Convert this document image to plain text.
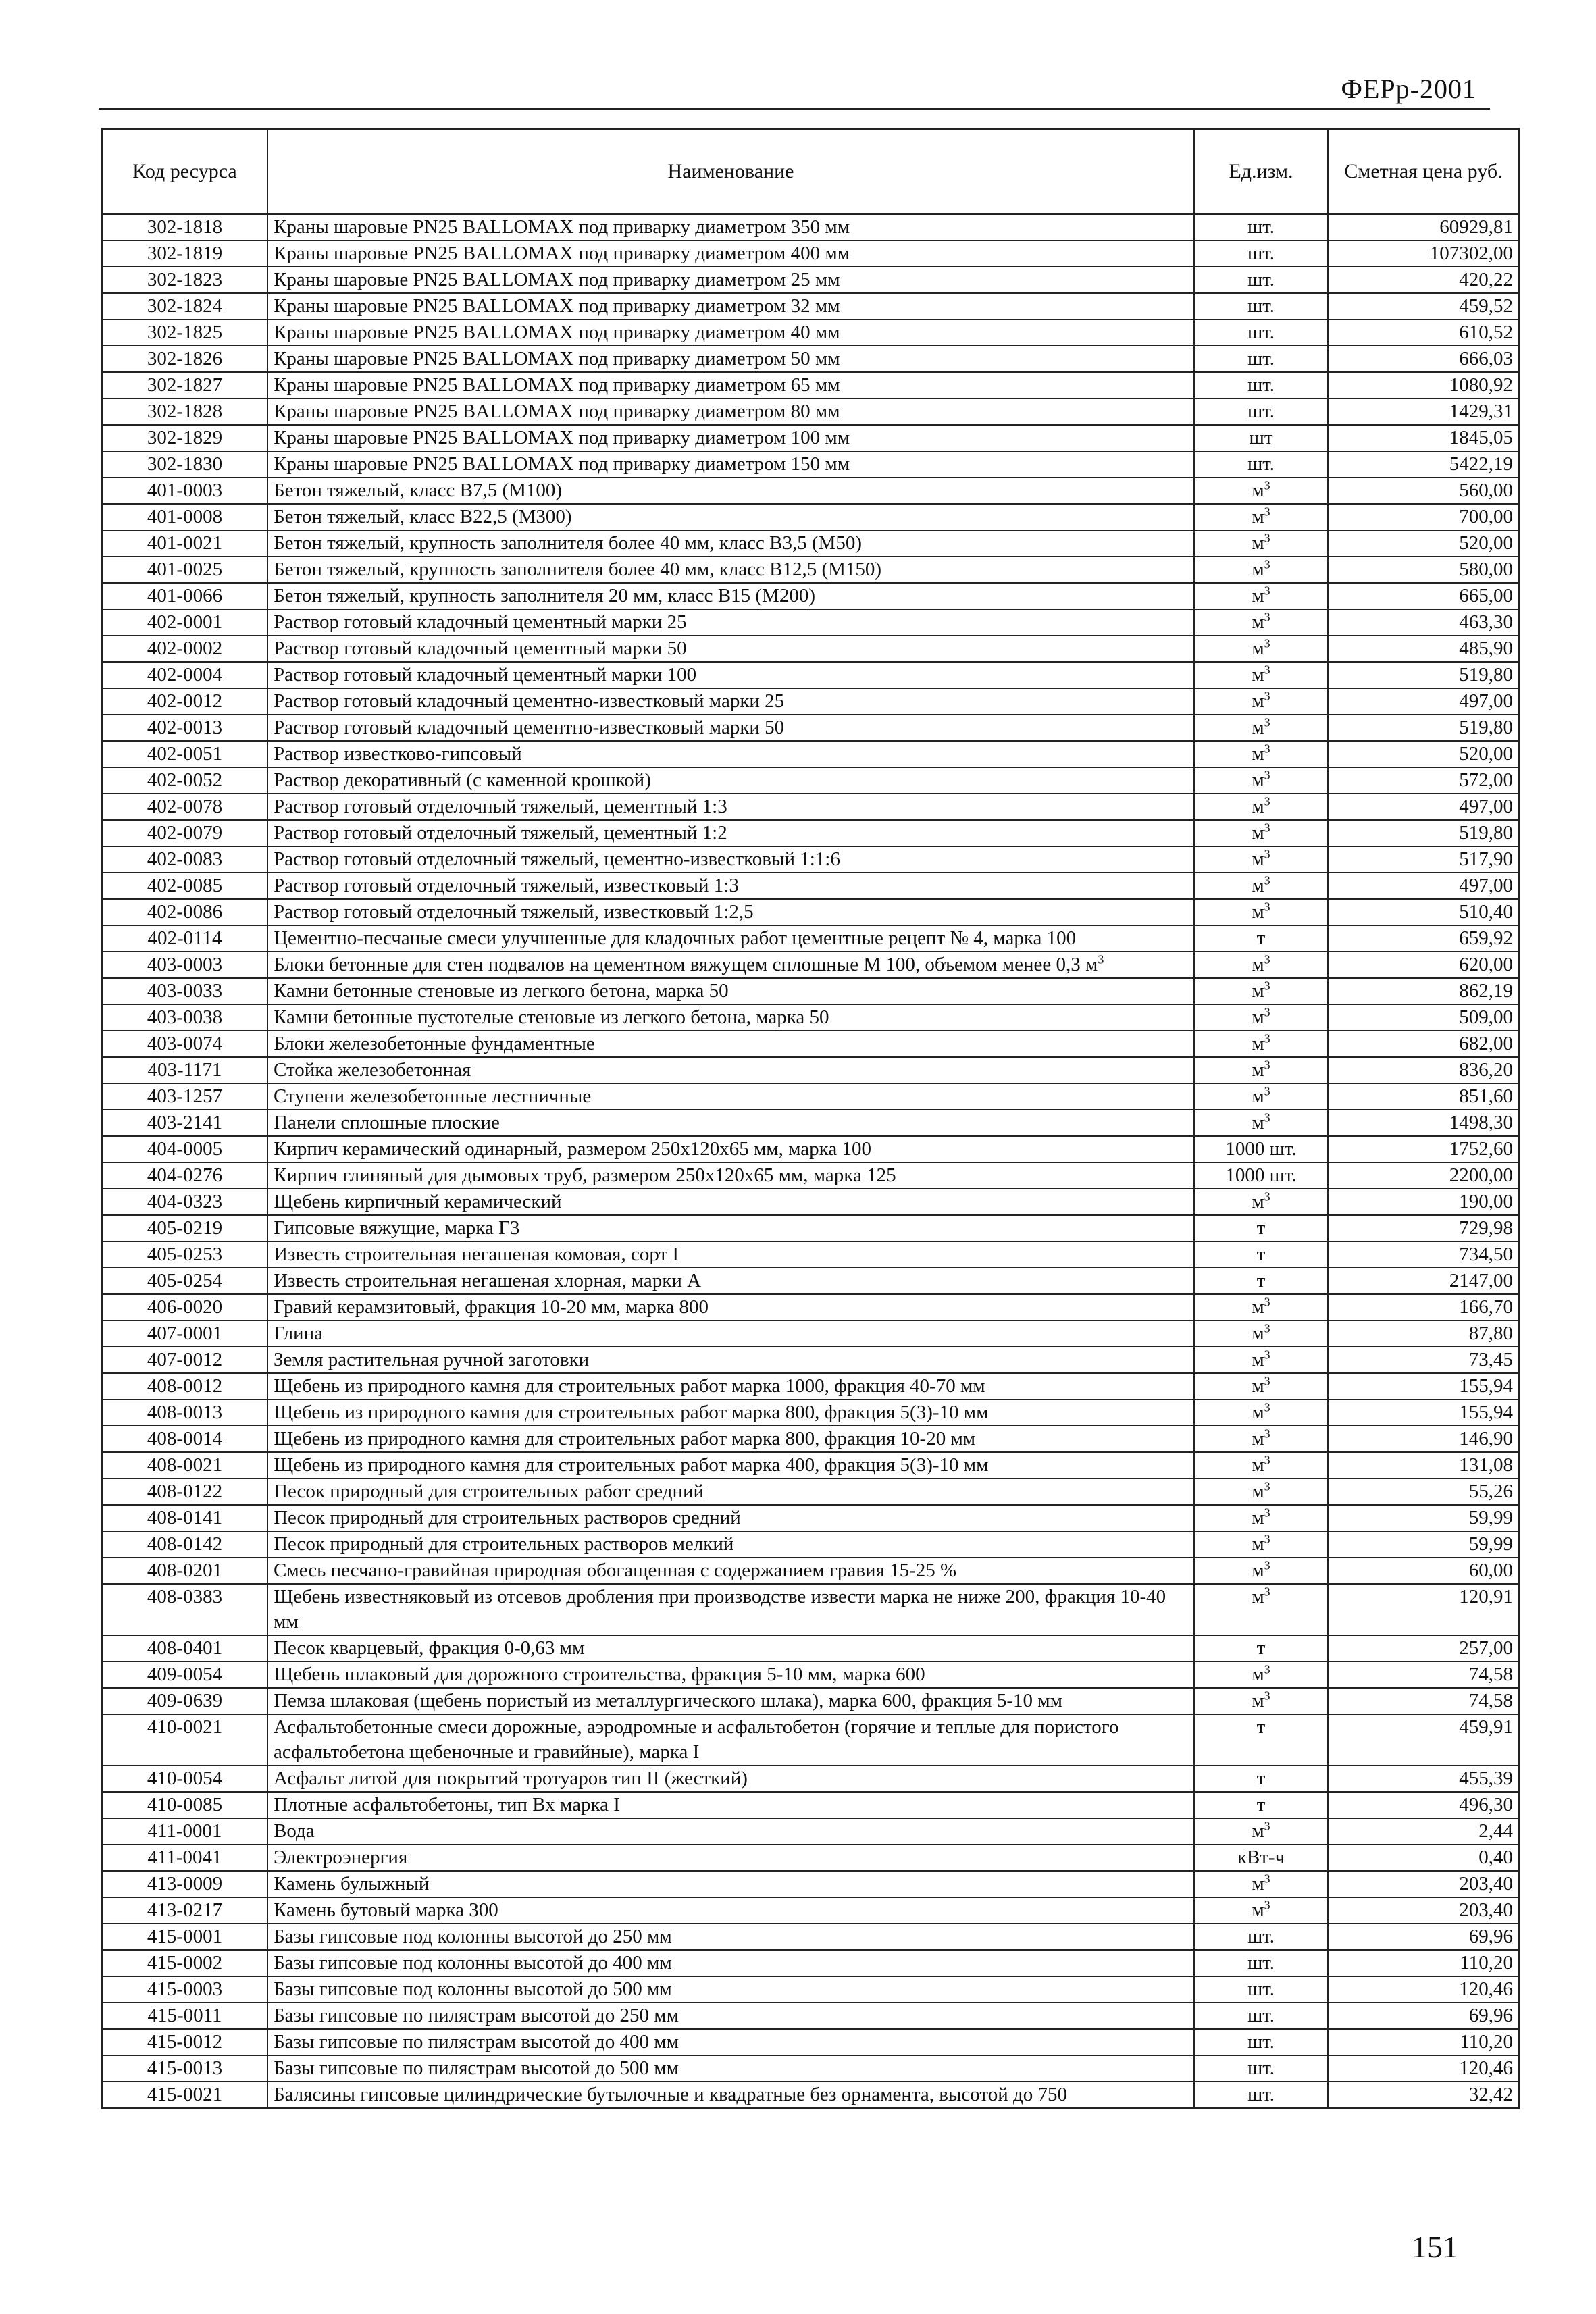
ФЕРр-2001
Код ресурса	Наименование	Ед.изм.	Сметная цена руб.
302-1818	Краны шаровые PN25 BALLOMAX под приварку диаметром 350 мм	шт.	60929,81
302-1819	Краны шаровые PN25 BALLOMAX под приварку диаметром 400 мм	шт.	107302,00
302-1823	Краны шаровые PN25 BALLOMAX под приварку диаметром 25 мм	шт.	420,22
302-1824	Краны шаровые PN25 BALLOMAX под приварку диаметром 32 мм	шт.	459,52
302-1825	Краны шаровые PN25 BALLOMAX под приварку диаметром 40 мм	шт.	610,52
302-1826	Краны шаровые PN25 BALLOMAX под приварку диаметром 50 мм	шт.	666,03
302-1827	Краны шаровые PN25 BALLOMAX под приварку диаметром 65 мм	шт.	1080,92
302-1828	Краны шаровые PN25 BALLOMAX под приварку диаметром 80 мм	шт.	1429,31
302-1829	Краны шаровые PN25 BALLOMAX под приварку диаметром 100 мм	шт	1845,05
302-1830	Краны шаровые PN25 BALLOMAX под приварку диаметром 150 мм	шт.	5422,19
401-0003	Бетон тяжелый, класс В7,5 (М100)	$м^3$	560,00
401-0008	Бетон тяжелый, класс В22,5 (М300)	$м^3$	700,00
401-0021	Бетон тяжелый, крупность заполнителя более 40 мм, класс В3,5 (М50)	$м^3$	520,00
401-0025	Бетон тяжелый, крупность заполнителя более 40 мм, класс В12,5 (М150)	$м^3$	580,00
401-0066	Бетон тяжелый, крупность заполнителя 20 мм, класс В15 (М200)	$м^3$	665,00
402-0001	Раствор готовый кладочный цементный марки 25	$м^3$	463,30
402-0002	Раствор готовый кладочный цементный марки 50	$м^3$	485,90
402-0004	Раствор готовый кладочный цементный марки 100	$м^3$	519,80
402-0012	Раствор готовый кладочный цементно-известковый марки 25	$м^3$	497,00
402-0013	Раствор готовый кладочный цементно-известковый марки 50	$м^3$	519,80
402-0051	Раствор известково-гипсовый	$м^3$	520,00
402-0052	Раствор декоративный (с каменной крошкой)	$м^3$	572,00
402-0078	Раствор готовый отделочный тяжелый, цементный 1:3	$м^3$	497,00
402-0079	Раствор готовый отделочный тяжелый, цементный 1:2	$м^3$	519,80
402-0083	Раствор готовый отделочный тяжелый, цементно-известковый 1:1:6	$м^3$	517,90
402-0085	Раствор готовый отделочный тяжелый, известковый 1:3	$м^3$	497,00
402-0086	Раствор готовый отделочный тяжелый, известковый 1:2,5	$м^3$	510,40
402-0114	Цементно-песчаные смеси улучшенные для кладочных работ цементные рецепт № 4, марка 100	т	659,92
403-0003	Блоки бетонные для стен подвалов на цементном вяжущем сплошные М 100, объемом менее 0,3 $м^3$	$м^3$	620,00
403-0033	Камни бетонные стеновые из легкого бетона, марка 50	$м^3$	862,19
403-0038	Камни бетонные пустотелые стеновые из легкого бетона, марка 50	$м^3$	509,00
403-0074	Блоки железобетонные фундаментные	$м^3$	682,00
403-1171	Стойка железобетонная	$м^3$	836,20
403-1257	Ступени железобетонные лестничные	$м^3$	851,60
403-2141	Панели сплошные плоские	$м^3$	1498,30
404-0005	Кирпич керамический одинарный, размером 250х120х65 мм, марка 100	1000 шт.	1752,60
404-0276	Кирпич глиняный для дымовых труб, размером 250х120х65 мм, марка 125	1000 шт.	2200,00
404-0323	Щебень кирпичный керамический	$м^3$	190,00
405-0219	Гипсовые вяжущие, марка Г3	т	729,98
405-0253	Известь строительная негашеная комовая, сорт I	т	734,50
405-0254	Известь строительная негашеная хлорная, марки А	т	2147,00
406-0020	Гравий керамзитовый, фракция 10-20 мм, марка 800	$м^3$	166,70
407-0001	Глина	$м^3$	87,80
407-0012	Земля растительная ручной заготовки	$м^3$	73,45
408-0012	Щебень из природного камня для строительных работ марка 1000, фракция 40-70 мм	$м^3$	155,94
408-0013	Щебень из природного камня для строительных работ марка 800, фракция 5(3)-10 мм	$м^3$	155,94
408-0014	Щебень из природного камня для строительных работ марка 800, фракция 10-20 мм	$м^3$	146,90
408-0021	Щебень из природного камня для строительных работ марка 400, фракция 5(3)-10 мм	$м^3$	131,08
408-0122	Песок природный для строительных работ средний	$м^3$	55,26
408-0141	Песок природный для строительных растворов средний	$м^3$	59,99
408-0142	Песок природный для строительных растворов мелкий	$м^3$	59,99
408-0201	Смесь песчано-гравийная природная обогащенная с содержанием гравия 15-25 %	$м^3$	60,00
408-0383	Щебень известняковый из отсевов дробления при производстве извести марка не ниже 200, фракция 10-40 мм	$м^3$	120,91
408-0401	Песок кварцевый, фракция 0-0,63 мм	т	257,00
409-0054	Щебень шлаковый для дорожного строительства, фракция 5-10 мм, марка 600	$м^3$	74,58
409-0639	Пемза шлаковая (щебень пористый из металлургического шлака), марка 600, фракция 5-10 мм	$м^3$	74,58
410-0021	Асфальтобетонные смеси дорожные, аэродромные и асфальтобетон (горячие и теплые для пористого асфальтобетона щебеночные и гравийные), марка I	т	459,91
410-0054	Асфальт литой для покрытий тротуаров тип II (жесткий)	т	455,39
410-0085	Плотные асфальтобетоны, тип Вх марка I	т	496,30
411-0001	Вода	$м^3$	2,44
411-0041	Электроэнергия	кВт-ч	0,40
413-0009	Камень булыжный	$м^3$	203,40
413-0217	Камень бутовый марка 300	$м^3$	203,40
415-0001	Базы гипсовые под колонны высотой до 250 мм	шт.	69,96
415-0002	Базы гипсовые под колонны высотой до 400 мм	шт.	110,20
415-0003	Базы гипсовые под колонны высотой до 500 мм	шт.	120,46
415-0011	Базы гипсовые по пилястрам высотой до 250 мм	шт.	69,96
415-0012	Базы гипсовые по пилястрам высотой до 400 мм	шт.	110,20
415-0013	Базы гипсовые по пилястрам высотой до 500 мм	шт.	120,46
415-0021	Балясины гипсовые цилиндрические бутылочные и квадратные без орнамента, высотой до 750	шт.	32,42
151
